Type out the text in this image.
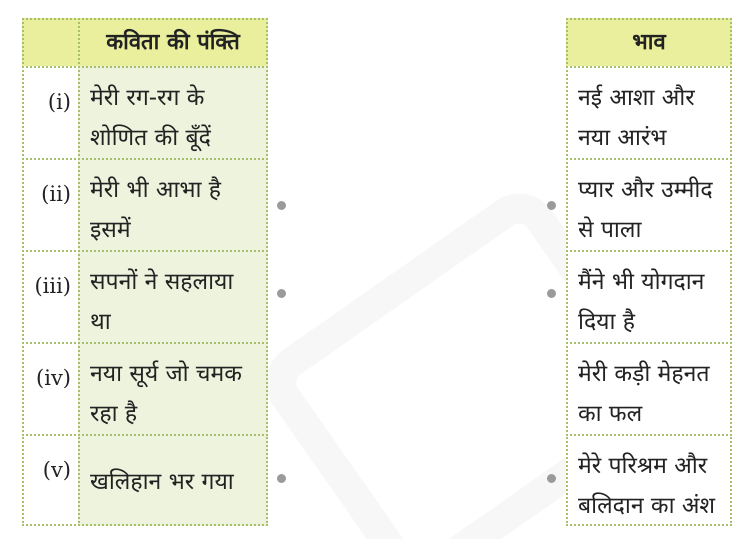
कविता की पंक्ति	भाव
(i) मेरी रग-रग के शोणित की बूँदें
नई आशा और नया आरंभ
(ii) मेरी भी आभा है इसमें
प्यार और उम्मीद से पाला
(iii) सपनों ने सहलाया था
मैंने भी योगदान दिया है
(iv) नया सूर्य जो चमक रहा है
मेरी कड़ी मेहनत का फल
(v) खलिहान भर गया
मेरे परिश्रम और बलिदान का अंश
